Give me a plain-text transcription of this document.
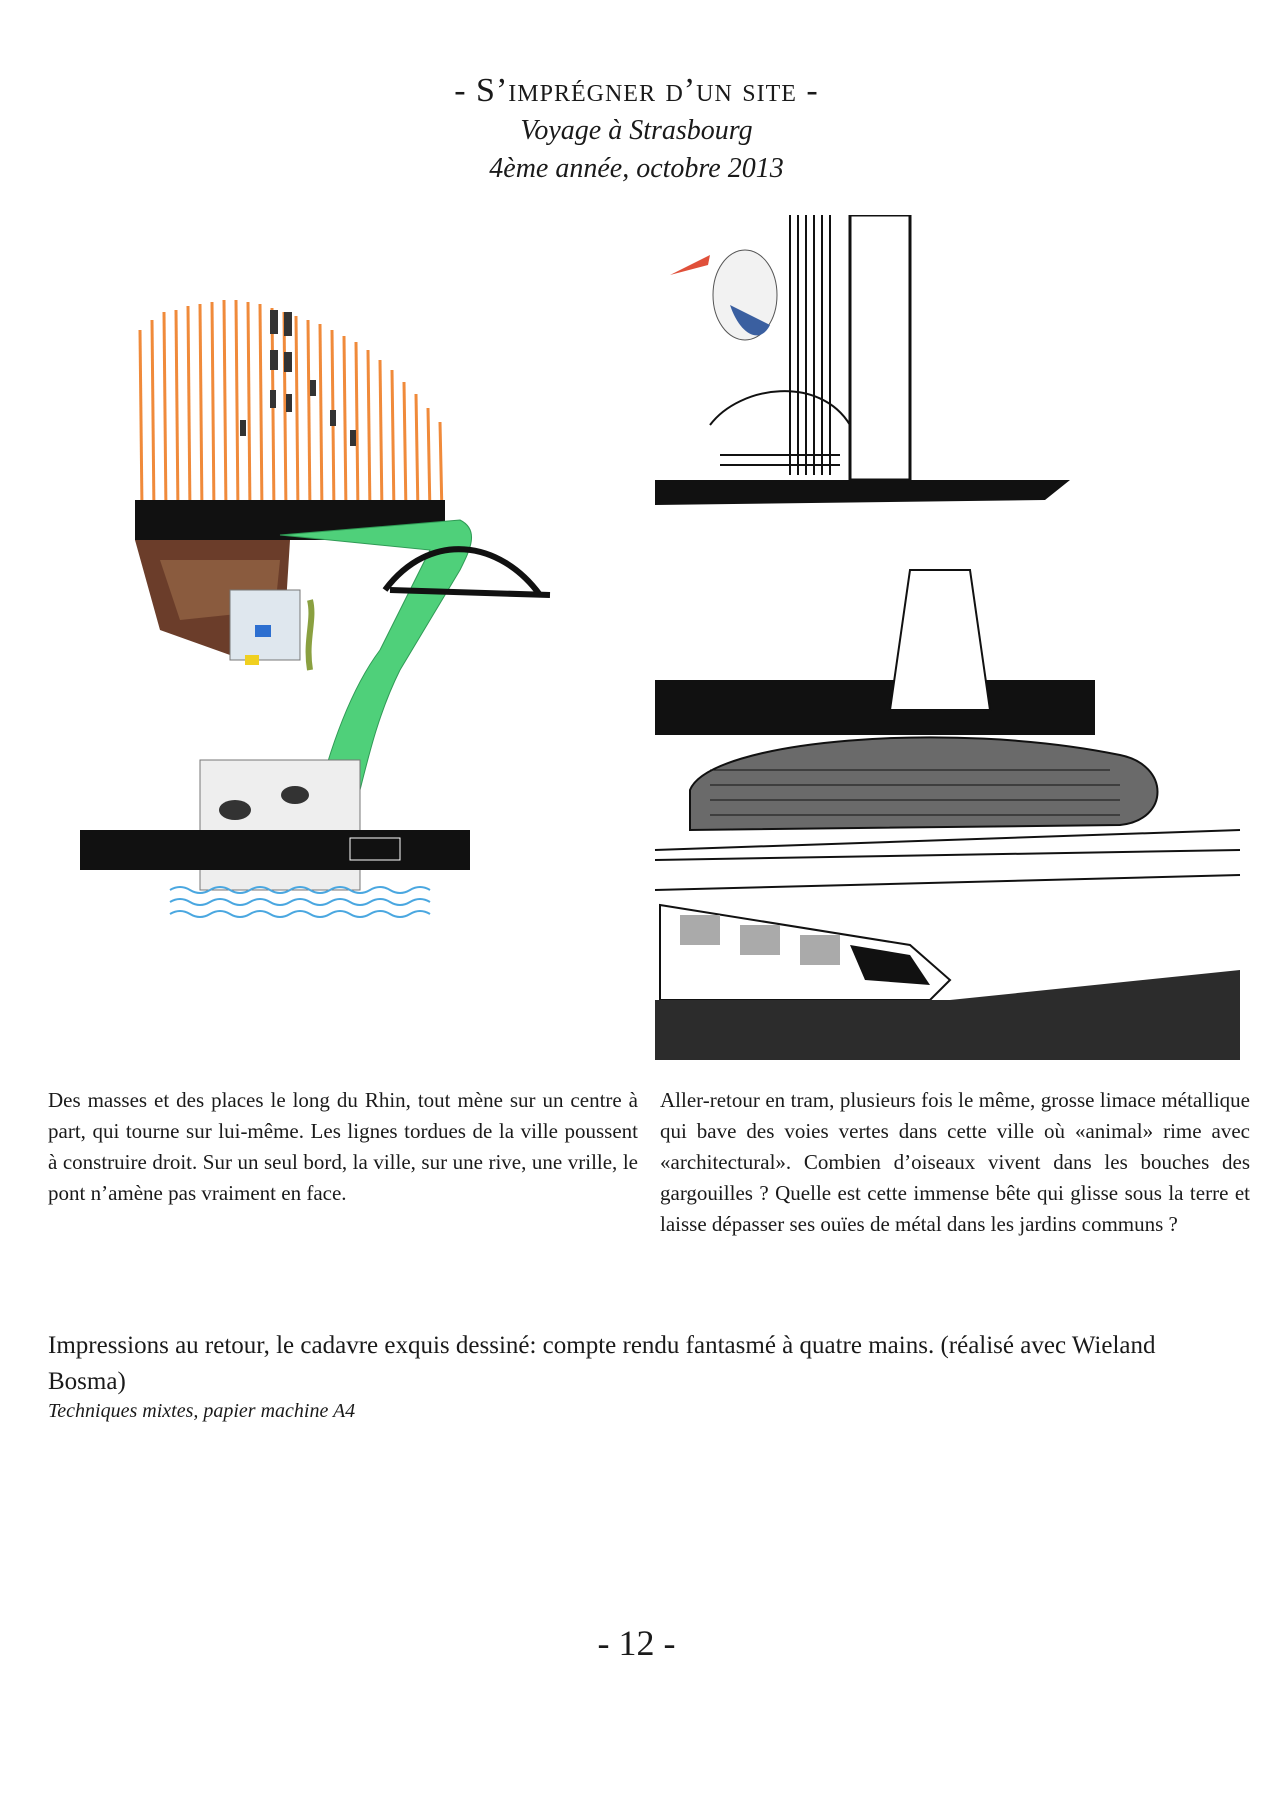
- S’imprégner d’un site -
Voyage à Strasbourg
4ème année, octobre 2013
Des masses et des places le long du Rhin, tout mène sur un centre à part, qui tourne sur lui-même. Les lignes tordues de la ville poussent à construire droit. Sur un seul bord, la ville, sur une rive, une vrille, le pont n’amène pas vraiment en face.
Aller-retour en tram, plusieurs fois le même, grosse limace métallique qui bave des voies vertes dans cette ville où «animal» rime avec «architectural». Combien d’oiseaux vivent dans les bouches des gargouilles ? Quelle est cette immense bête qui glisse sous la terre et laisse dépasser ses ouïes de métal dans les jardins communs ?
Impressions au retour, le cadavre exquis dessiné: compte rendu fantasmé à quatre mains. (réalisé avec Wieland Bosma)
Techniques mixtes, papier machine A4
- 12 -
